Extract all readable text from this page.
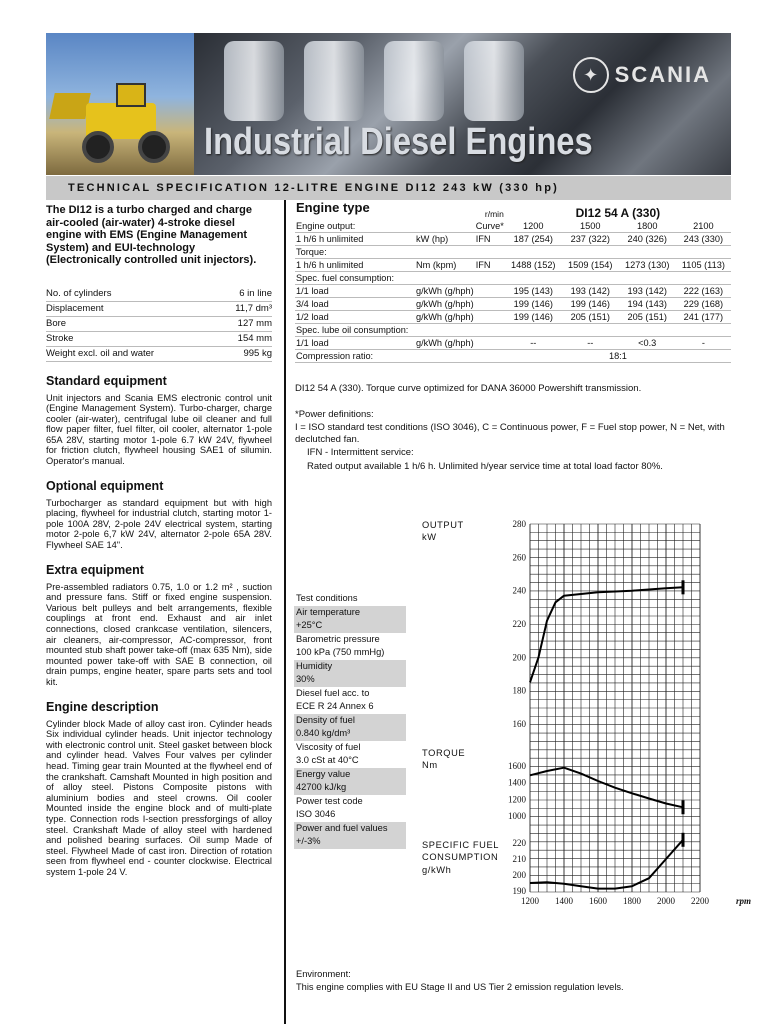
Industrial Diesel Engines
✦ SCANIA
TECHNICAL SPECIFICATION 12-LITRE ENGINE DI12 243 kW (330 hp)
The DI12 is a turbo charged and charge air-cooled (air-water) 4-stroke diesel engine with EMS (Engine Management System) and EUI-technology (Electronically controlled unit injectors).
No. of cylinders	6 in line
Displacement	11,7 dm³
Bore	127 mm
Stroke	154 mm
Weight excl. oil and water	995 kg
Standard equipment
Unit injectors and Scania EMS electronic control unit (Engine Management System). Turbo-charger, charge cooler (air-water), centrifugal lube oil cleaner and full flow paper filter, fuel filter, oil cooler, alternator 1-pole 65A 28V, starting motor 1-pole 6.7 kW 24V, flywheel for friction clutch, flywheel housing SAE1 of silumin. Operator's manual.
Optional equipment
Turbocharger as standard equipment but with high placing, flywheel for industrial clutch, starting motor 1-pole 100A 28V, 2-pole 24V electrical system, starting motor 2-pole 6,7 kW 24V, alternator 2-pole 65A 28V. Flywheel SAE 14".
Extra equipment
Pre-assembled radiators 0.75, 1.0 or 1.2 m² , suction and pressure fans. Stiff or fixed engine suspension. Various belt pulleys and belt arrangements, flexible couplings at front end. Exhaust and air inlet connections, closed crankcase ventilation, silencers, air cleaners, air-compressor, AC-compressor, front mounted stub shaft power take-off (max 635 Nm), side mounted power take-off with SAE B connection, oil drain pumps, engine heater, spare parts sets and tool kit.
Engine description
Cylinder block Made of alloy cast iron. Cylinder heads Six individual cylinder heads. Unit injector technology with electronic control unit. Steel gasket between block and cylinder head. Valves Four valves per cylinder head. Timing gear train Mounted at the flywheel end of the crankshaft. Camshaft Mounted in high position and of alloy steel. Pistons Composite pistons with aluminium bodies and steel crowns. Oil cooler Mounted inside the engine block and of multi-plate type. Connection rods I-section pressforgings of alloy steel. Crankshaft Made of alloy steel with hardened and polished bearing surfaces. Oil sump Made of steel. Flywheel Made of cast iron. Direction of rotation seen from flywheel end - counter clockwise. Electrical system 1-pole 24 V.
Engine type r/min			DI12 54 A (330)			
Engine output:		Curve*	1200	1500	1800	2100
1 h/6 h unlimited	kW (hp)	IFN	187 (254)	237 (322)	240 (326)	243 (330)
Torque:						
1 h/6 h unlimited	Nm (kpm)	IFN	1488 (152)	1509 (154)	1273 (130)	1105 (113)
Spec. fuel consumption:						
1/1 load	g/kWh (g/hph)		195 (143)	193 (142)	193 (142)	222 (163)
3/4 load	g/kWh (g/hph)		199 (146)	199 (146)	194 (143)	229 (168)
1/2 load	g/kWh (g/hph)		199 (146)	205 (151)	205 (151)	241 (177)
Spec. lube oil consumption:						
1/1 load	g/kWh (g/hph)		--	--	<0.3	-
Compression ratio:			18:1			
DI12 54 A (330). Torque curve optimized for DANA 36000 Powershift transmission.
*Power definitions:
I = ISO standard test conditions (ISO 3046), C = Continuous power, F = Fuel stop power, N = Net, with declutched fan.
IFN - Intermittent service:
Rated output available 1 h/6 h. Unlimited h/year service time at total load factor 80%.
Test conditions
Air temperature
+25°C
Barometric pressure
100 kPa (750 mmHg)
Humidity
30%
Diesel fuel acc. to
ECE R 24 Annex 6
Density of fuel
0.840 kg/dm³
Viscosity of fuel
3.0 cSt at 40°C
Energy value
42700 kJ/kg
Power test code
ISO 3046
Power and fuel values
+/-3%
160
180
200
220
240
260
280
1000
1200
1400
1600
190
200
210
220
OUTPUT
kW
TORQUE
Nm
SPECIFIC FUEL
CONSUMPTION
g/kWh
1200 1400 1600 1800 2000 2200	rpm
Environment:
This engine complies with EU Stage II and US Tier 2 emission regulation levels.
